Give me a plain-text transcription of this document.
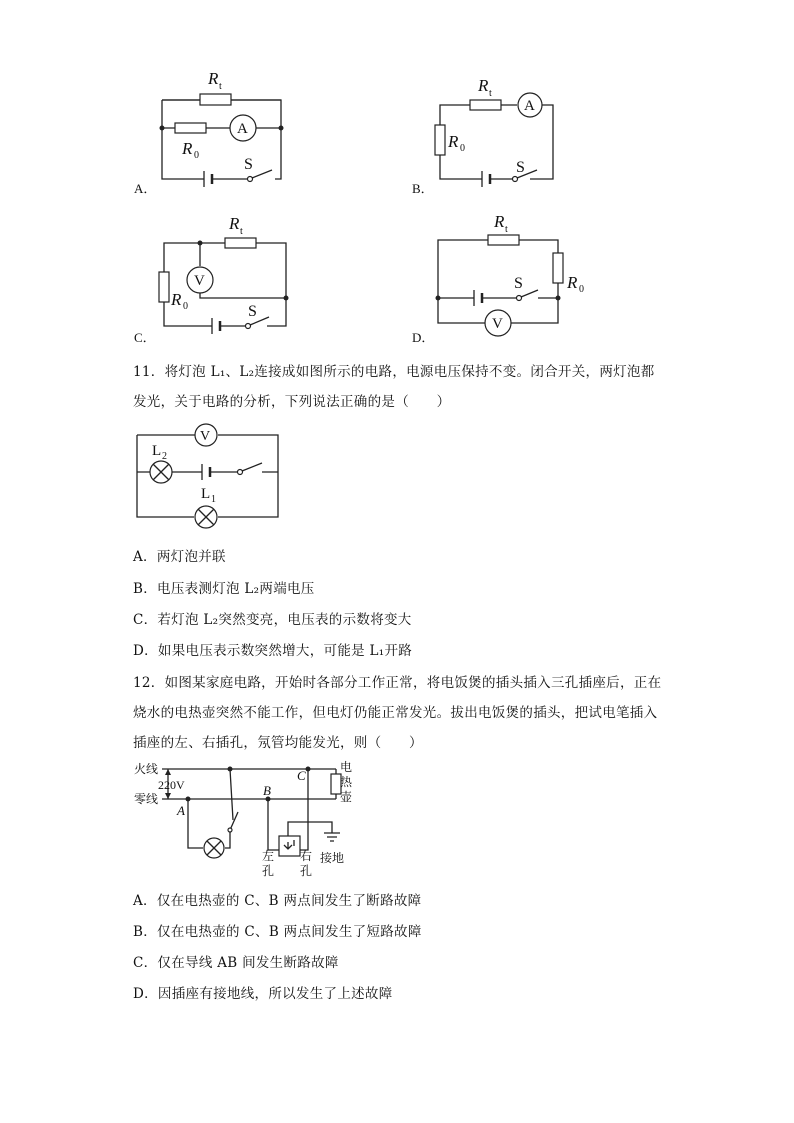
R t
R 0
A
S
A．
R t
R 0
A
S
B．
R t
R 0
V
S
C．
R t
R 0
V
S
D．
11．将灯泡 L₁、L₂连接成如图所示的电路，电源电压保持不变。闭合开关，两灯泡都
发光，关于电路的分析，下列说法正确的是（　　）
V
L 2
L 1
A．两灯泡并联
B．电压表测灯泡 L₂两端电压
C．若灯泡 L₂突然变亮，电压表的示数将变大
D．如果电压表示数突然增大，可能是 L₁开路
12．如图某家庭电路，开始时各部分工作正常，将电饭煲的插头插入三孔插座后，正在
烧水的电热壶突然不能工作，但电灯仍能正常发光。拔出电饭煲的插头，把试电笔插入
插座的左、右插孔，氖管均能发光，则（　　）
火线
零线
220V
A
B
C
电
热
壶
左
孔
右
孔
接地
A．仅在电热壶的 C、B 两点间发生了断路故障
B．仅在电热壶的 C、B 两点间发生了短路故障
C．仅在导线 AB 间发生断路故障
D．因插座有接地线，所以发生了上述故障
